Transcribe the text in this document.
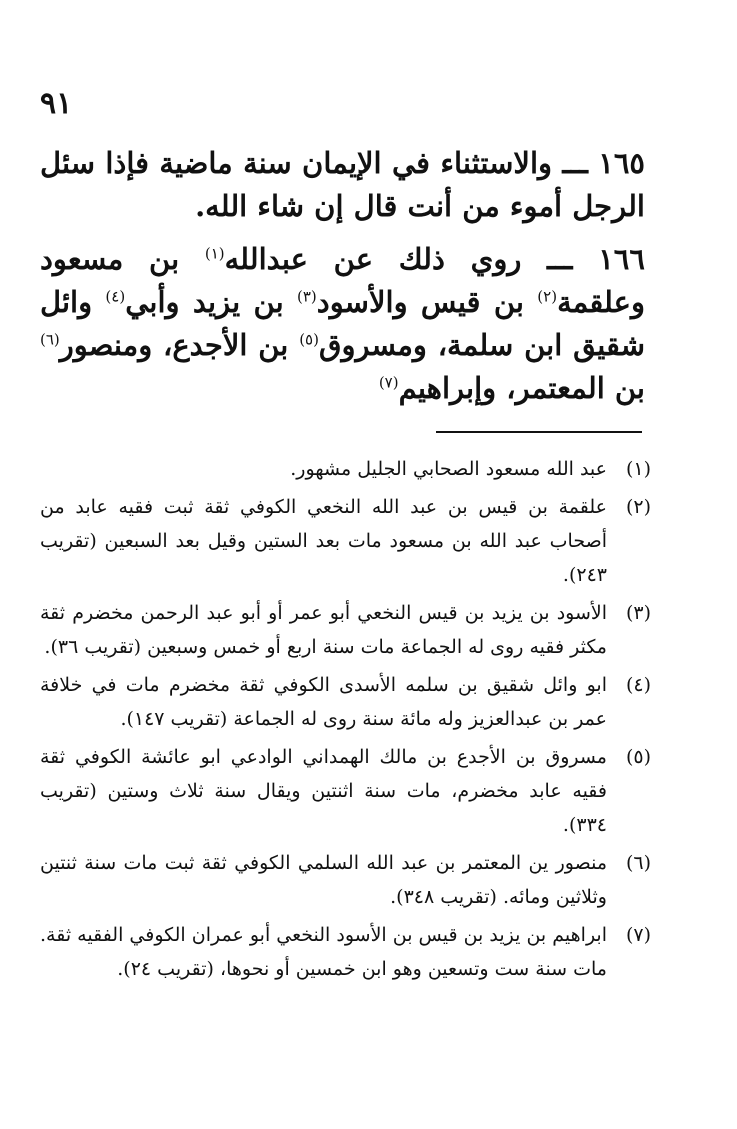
٩١
١٦٥ ـــ والاستثناء في الإيمان سنة ماضية فإذا سئل الرجل أموء من أنت قال إن شاء الله.
١٦٦ ـــ روي ذلك عن عبدالله$^{(١)}$ بن مسعود وعلقمة$^{(٢)}$ بن قيس والأسود$^{(٣)}$ بن يزيد وأبي$^{(٤)}$ وائل شقيق ابن سلمة، ومسروق$^{(٥)}$ بن الأجدع، ومنصور$^{(٦)}$ بن المعتمر، وإبراهيم$^{(٧)}$
(١)
عبد الله مسعود الصحابي الجليل مشهور.
(٢)
علقمة بن قيس بن عبد الله النخعي الكوفي ثقة ثبت فقيه عابد من أصحاب عبد الله بن مسعود مات بعد الستين وقيل بعد السبعين (تقريب ٢٤٣).
(٣)
الأسود بن يزيد بن قيس النخعي أبو عمر أو أبو عبد الرحمن مخضرم ثقة مكثر فقيه روى له الجماعة مات سنة اربع أو خمس وسبعين (تقريب ٣٦).
(٤)
ابو وائل شقيق بن سلمه الأسدى الكوفي ثقة مخضرم مات في خلافة عمر بن عبدالعزيز وله مائة سنة روى له الجماعة (تقريب ١٤٧).
(٥)
مسروق بن الأجدع بن مالك الهمداني الوادعي ابو عائشة الكوفي ثقة فقيه عابد مخضرم، مات سنة اثنتين ويقال سنة ثلاث وستين (تقريب ٣٣٤).
(٦)
منصور ين المعتمر بن عبد الله السلمي الكوفي ثقة ثبت مات سنة ثنتين وثلاثين ومائه. (تقريب ٣٤٨).
(٧)
ابراهيم بن يزيد بن قيس بن الأسود النخعي أبو عمران الكوفي الفقيه ثقة. مات سنة ست وتسعين وهو ابن خمسين أو نحوها، (تقريب ٢٤).
